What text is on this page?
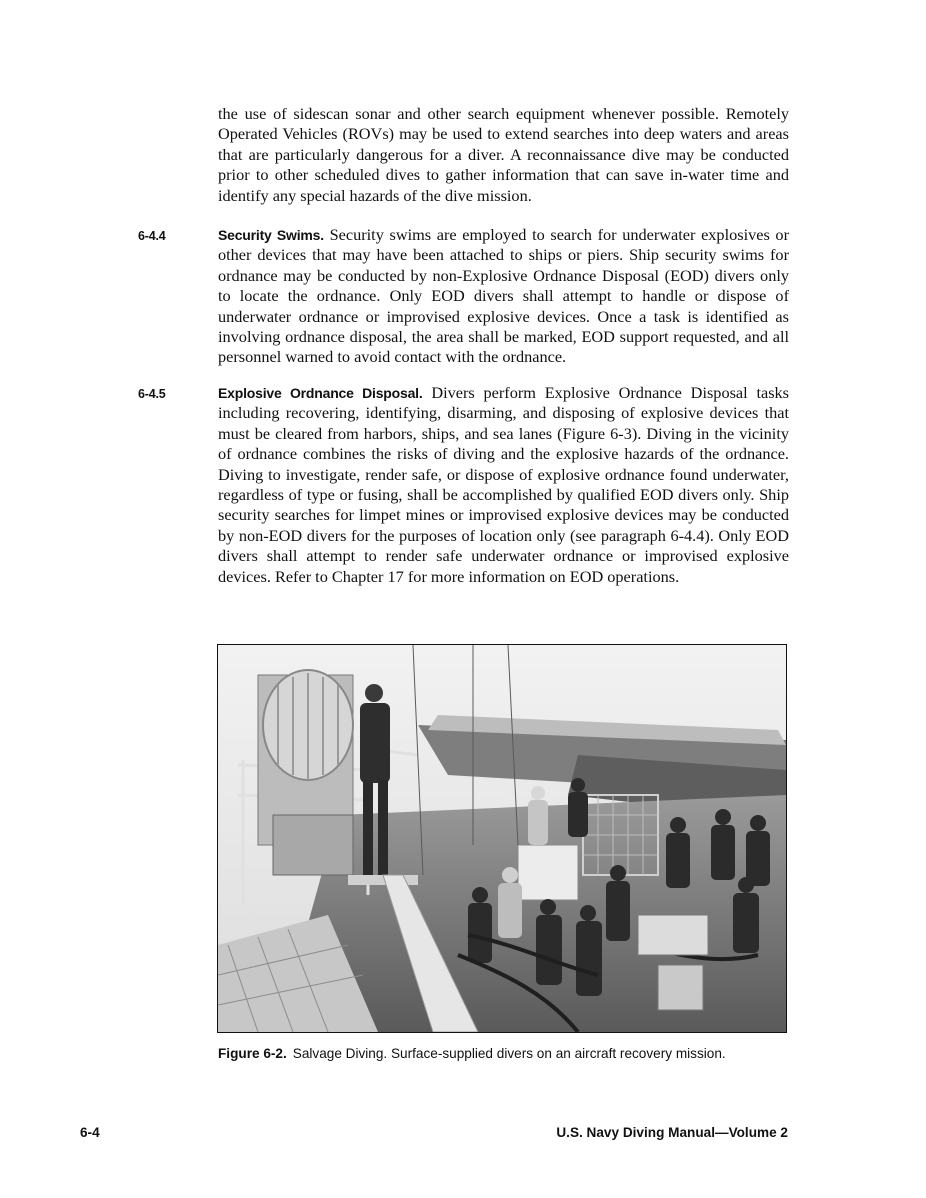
the use of sidescan sonar and other search equipment whenever possible. Remotely Operated Vehicles (ROVs) may be used to extend searches into deep waters and areas that are particularly dangerous for a diver. A reconnaissance dive may be conducted prior to other scheduled dives to gather information that can save in-water time and identify any special hazards of the dive mission.

6-4.4	Security Swims. Security swims are employed to search for underwater explosives or other devices that may have been attached to ships or piers. Ship security swims for ordnance may be conducted by non-Explosive Ordnance Disposal (EOD) divers only to locate the ordnance. Only EOD divers shall attempt to handle or dispose of underwater ordnance or improvised explosive devices. Once a task is identified as involving ordnance disposal, the area shall be marked, EOD support requested, and all personnel warned to avoid contact with the ordnance.

6-4.5	Explosive Ordnance Disposal. Divers perform Explosive Ordnance Disposal tasks including recovering, identifying, disarming, and disposing of explosive devices that must be cleared from harbors, ships, and sea lanes (Figure 6-3). Diving in the vicinity of ordnance combines the risks of diving and the explosive hazards of the ordnance. Diving to investigate, render safe, or dispose of explosive ordnance found underwater, regardless of type or fusing, shall be accomplished by qualified EOD divers only. Ship security searches for limpet mines or improvised explosive devices may be conducted by non-EOD divers for the purposes of location only (see paragraph 6-4.4). Only EOD divers shall attempt to render safe underwater ordnance or improvised explosive devices. Refer to Chapter 17 for more information on EOD operations.

Figure 6-2. Salvage Diving. Surface-supplied divers on an aircraft recovery mission.
6-4	U.S. Navy Diving Manual—Volume 2
